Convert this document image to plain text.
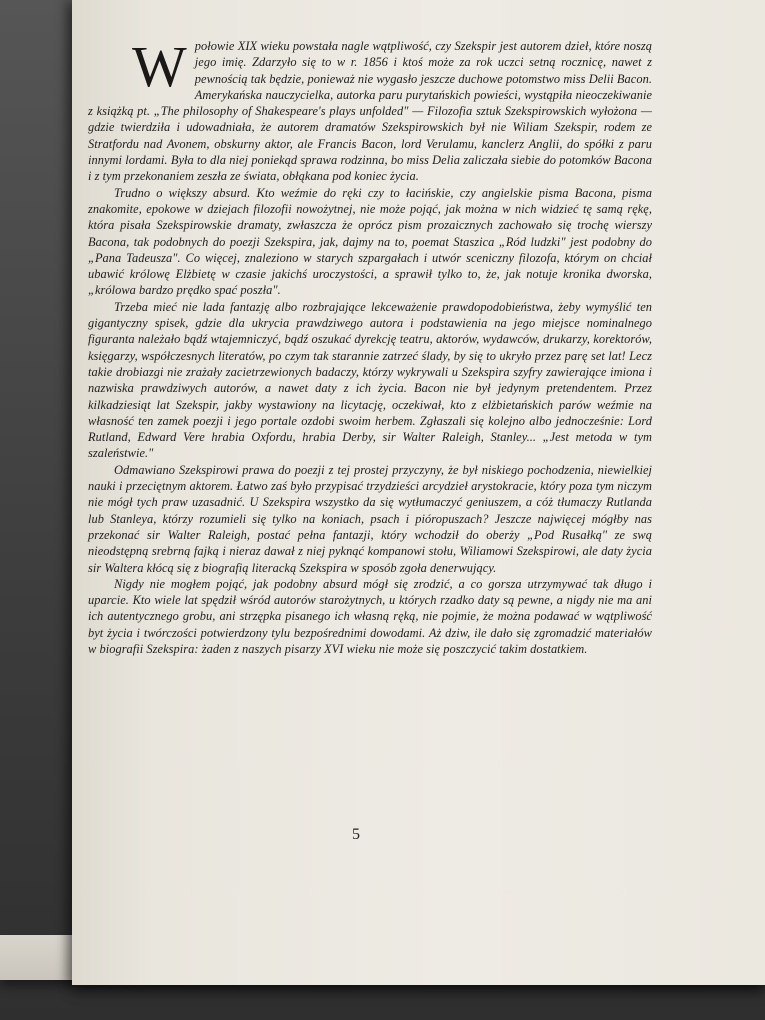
Wpołowie XIX wieku powstała nagle wątpliwość, czy Szekspir jest autorem dzieł, które noszą jego imię. Zdarzyło się to w r. 1856 i ktoś może za rok uczci setną rocznicę, nawet z pewnością tak będzie, ponieważ nie wygasło jeszcze duchowe potomstwo miss Delii Bacon. Amerykańska nauczycielka, autorka paru purytańskich powieści, wystąpiła nieoczekiwanie z książką pt. „The philosophy of Shakespeare's plays unfolded" — Filozofia sztuk Szekspirowskich wyłożona — gdzie twierdziła i udowadniała, że autorem dramatów Szekspirowskich był nie Wiliam Szekspir, rodem ze Stratfordu nad Avonem, obskurny aktor, ale Francis Bacon, lord Verulamu, kanclerz Anglii, do spółki z paru innymi lordami. Była to dla niej poniekąd sprawa rodzinna, bo miss Delia zaliczała siebie do potomków Bacona i z tym przekonaniem zeszła ze świata, obłąkana pod koniec życia.

Trudno o większy absurd. Kto weźmie do ręki czy to łacińskie, czy angielskie pisma Bacona, pisma znakomite, epokowe w dziejach filozofii nowożytnej, nie może pojąć, jak można w nich widzieć tę samą rękę, która pisała Szekspirowskie dramaty, zwłaszcza że oprócz pism prozaicznych zachowało się trochę wierszy Bacona, tak podobnych do poezji Szekspira, jak, dajmy na to, poemat Staszica „Ród ludzki" jest podobny do „Pana Tadeusza". Co więcej, znaleziono w starych szpargałach i utwór sceniczny filozofa, którym on chciał ubawić królowę Elżbietę w czasie jakichś uroczystości, a sprawił tylko to, że, jak notuje kronika dworska, „królowa bardzo prędko spać poszła".

Trzeba mieć nie lada fantazję albo rozbrajające lekceważenie prawdopodobieństwa, żeby wymyślić ten gigantyczny spisek, gdzie dla ukrycia prawdziwego autora i podstawienia na jego miejsce nominalnego figuranta należało bądź wtajemniczyć, bądź oszukać dyrekcję teatru, aktorów, wydawców, drukarzy, korektorów, księgarzy, współczesnych literatów, po czym tak starannie zatrzeć ślady, by się to ukryło przez parę set lat! Lecz takie drobiazgi nie zrażały zacietrzewionych badaczy, którzy wykrywali u Szekspira szyfry zawierające imiona i nazwiska prawdziwych autorów, a nawet daty z ich życia. Bacon nie był jedynym pretendentem. Przez kilkadziesiąt lat Szekspir, jakby wystawiony na licytację, oczekiwał, kto z elżbietańskich parów weźmie na własność ten zamek poezji i jego portale ozdobi swoim herbem. Zgłaszali się kolejno albo jednocześnie: Lord Rutland, Edward Vere hrabia Oxfordu, hrabia Derby, sir Walter Raleigh, Stanley... „Jest metoda w tym szaleństwie."

Odmawiano Szekspirowi prawa do poezji z tej prostej przyczyny, że był niskiego pochodzenia, niewielkiej nauki i przeciętnym aktorem. Łatwo zaś było przypisać trzydzieści arcydzieł arystokracie, który poza tym niczym nie mógł tych praw uzasadnić. U Szekspira wszystko da się wytłumaczyć geniuszem, a cóż tłumaczy Rutlanda lub Stanleya, którzy rozumieli się tylko na koniach, psach i pióropuszach? Jeszcze najwięcej mógłby nas przekonać sir Walter Raleigh, postać pełna fantazji, który wchodził do oberży „Pod Rusałką" ze swą nieodstępną srebrną fajką i nieraz dawał z niej pyknąć kompanowi stołu, Wiliamowi Szekspirowi, ale daty życia sir Waltera kłócą się z biografią literacką Szekspira w sposób zgoła denerwujący.

Nigdy nie mogłem pojąć, jak podobny absurd mógł się zrodzić, a co gorsza utrzymywać tak długo i uparcie. Kto wiele lat spędził wśród autorów starożytnych, u których rzadko daty są pewne, a nigdy nie ma ani ich autentycznego grobu, ani strzępka pisanego ich własną ręką, nie pojmie, że można podawać w wątpliwość byt życia i twórczości potwierdzony tylu bezpośrednimi dowodami. Aż dziw, ile dało się zgromadzić materiałów w biografii Szekspira: żaden z naszych pisarzy XVI wieku nie może się poszczycić takim dostatkiem.

5
